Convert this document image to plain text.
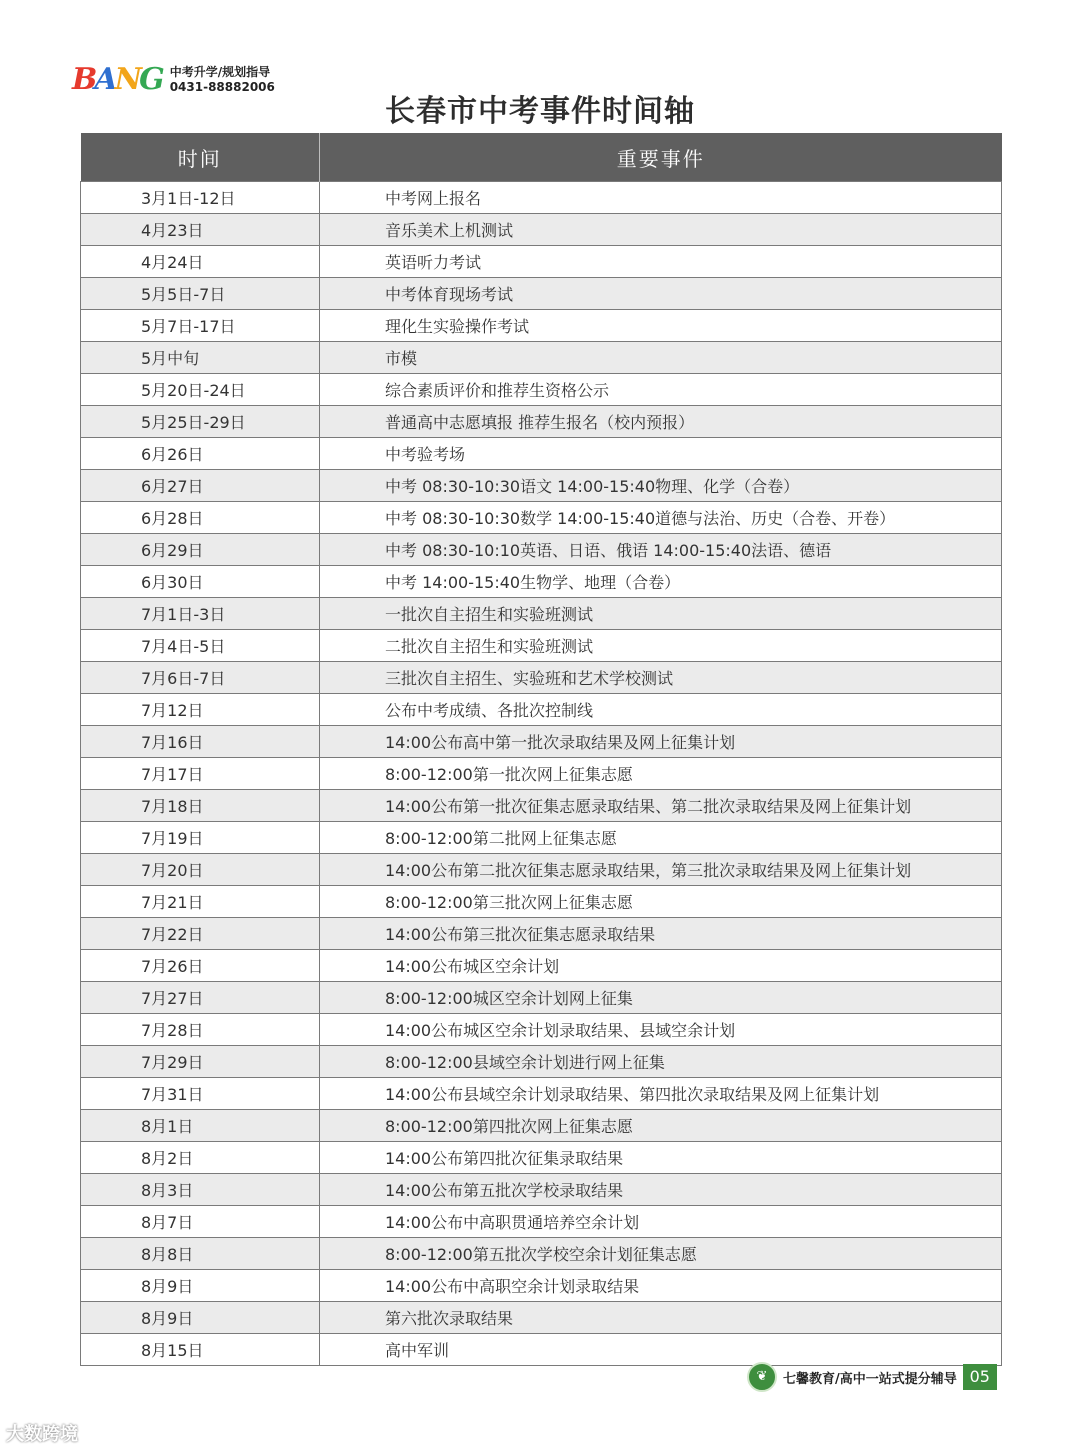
BANG 中考升学/规划指导
0431-88882006
长春市中考事件时间轴
时间	重要事件
3月1日-12日	中考网上报名
4月23日	音乐美术上机测试
4月24日	英语听力考试
5月5日-7日	中考体育现场考试
5月7日-17日	理化生实验操作考试
5月中旬	市模
5月20日-24日	综合素质评价和推荐生资格公示
5月25日-29日	普通高中志愿填报 推荐生报名（校内预报）
6月26日	中考验考场
6月27日	中考 08:30-10:30语文 14:00-15:40物理、化学（合卷）
6月28日	中考 08:30-10:30数学 14:00-15:40道德与法治、历史（合卷、开卷）
6月29日	中考 08:30-10:10英语、日语、俄语 14:00-15:40法语、德语
6月30日	中考 14:00-15:40生物学、地理（合卷）
7月1日-3日	一批次自主招生和实验班测试
7月4日-5日	二批次自主招生和实验班测试
7月6日-7日	三批次自主招生、实验班和艺术学校测试
7月12日	公布中考成绩、各批次控制线
7月16日	14:00公布高中第一批次录取结果及网上征集计划
7月17日	8:00-12:00第一批次网上征集志愿
7月18日	14:00公布第一批次征集志愿录取结果、第二批次录取结果及网上征集计划
7月19日	8:00-12:00第二批网上征集志愿
7月20日	14:00公布第二批次征集志愿录取结果，第三批次录取结果及网上征集计划
7月21日	8:00-12:00第三批次网上征集志愿
7月22日	14:00公布第三批次征集志愿录取结果
7月26日	14:00公布城区空余计划
7月27日	8:00-12:00城区空余计划网上征集
7月28日	14:00公布城区空余计划录取结果、县域空余计划
7月29日	8:00-12:00县域空余计划进行网上征集
7月31日	14:00公布县域空余计划录取结果、第四批次录取结果及网上征集计划
8月1日	8:00-12:00第四批次网上征集志愿
8月2日	14:00公布第四批次征集录取结果
8月3日	14:00公布第五批次学校录取结果
8月7日	14:00公布中高职贯通培养空余计划
8月8日	8:00-12:00第五批次学校空余计划征集志愿
8月9日	14:00公布中高职空余计划录取结果
8月9日	第六批次录取结果
8月15日	高中军训
❦	七馨教育/高中一站式提分辅导 05
大数跨境
